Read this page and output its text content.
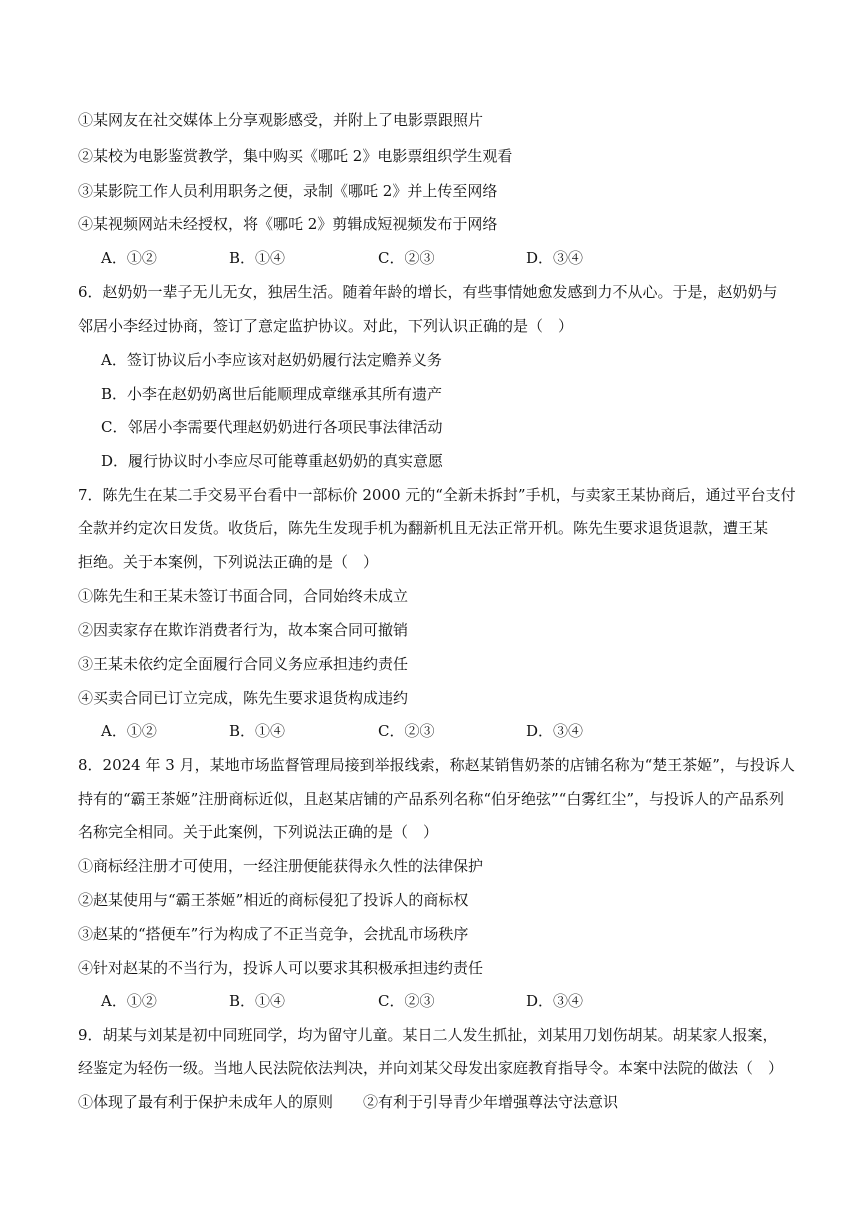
①某网友在社交媒体上分享观影感受，并附上了电影票跟照片
②某校为电影鉴赏教学，集中购买《哪吒 2》电影票组织学生观看
③某影院工作人员利用职务之便，录制《哪吒 2》并上传至网络
④某视频网站未经授权，将《哪吒 2》剪辑成短视频发布于网络
A．①②	B．①④	C．②③	D．③④
6．赵奶奶一辈子无儿无女，独居生活。随着年龄的增长，有些事情她愈发感到力不从心。于是，赵奶奶与
邻居小李经过协商，签订了意定监护协议。对此，下列认识正确的是（　）
A．签订协议后小李应该对赵奶奶履行法定赡养义务
B．小李在赵奶奶离世后能顺理成章继承其所有遗产
C．邻居小李需要代理赵奶奶进行各项民事法律活动
D．履行协议时小李应尽可能尊重赵奶奶的真实意愿
7．陈先生在某二手交易平台看中一部标价 2000 元的“全新未拆封”手机，与卖家王某协商后，通过平台支付
全款并约定次日发货。收货后，陈先生发现手机为翻新机且无法正常开机。陈先生要求退货退款，遭王某
拒绝。关于本案例，下列说法正确的是（　）
①陈先生和王某未签订书面合同，合同始终未成立
②因卖家存在欺诈消费者行为，故本案合同可撤销
③王某未依约定全面履行合同义务应承担违约责任
④买卖合同已订立完成，陈先生要求退货构成违约
A．①②	B．①④	C．②③	D．③④
8．2024 年 3 月，某地市场监督管理局接到举报线索，称赵某销售奶茶的店铺名称为“楚王茶姬”，与投诉人
持有的“霸王茶姬”注册商标近似，且赵某店铺的产品系列名称“伯牙绝弦”“白雾红尘”，与投诉人的产品系列
名称完全相同。关于此案例，下列说法正确的是（　）
①商标经注册才可使用，一经注册便能获得永久性的法律保护
②赵某使用与“霸王茶姬”相近的商标侵犯了投诉人的商标权
③赵某的“搭便车”行为构成了不正当竞争，会扰乱市场秩序
④针对赵某的不当行为，投诉人可以要求其积极承担违约责任
A．①②	B．①④	C．②③	D．③④
9．胡某与刘某是初中同班同学，均为留守儿童。某日二人发生抓扯，刘某用刀划伤胡某。胡某家人报案，
经鉴定为轻伤一级。当地人民法院依法判决，并向刘某父母发出家庭教育指导令。本案中法院的做法（　）
①体现了最有利于保护未成年人的原则　　②有利于引导青少年增强尊法守法意识
